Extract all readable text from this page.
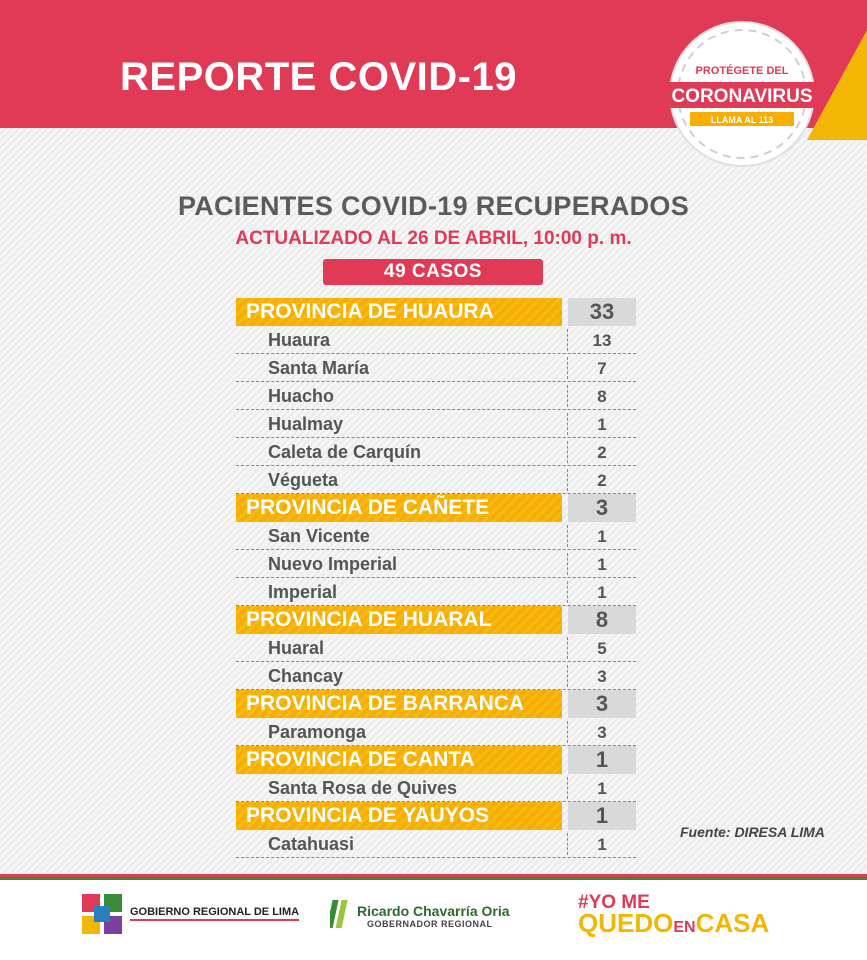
REPORTE COVID-19	PROTÉGETE DEL
CORONAVIRUS
LLAMA AL 113
PACIENTES COVID-19 RECUPERADOS
ACTUALIZADO AL 26 DE ABRIL, 10:00 p. m.
49 CASOS
PROVINCIA DE HUAURA	33
Huaura	13
Santa María	7
Huacho	8
Hualmay	1
Caleta de Carquín	2
Végueta	2
PROVINCIA DE CAÑETE	3
San Vicente	1
Nuevo Imperial	1
Imperial	1
PROVINCIA DE HUARAL	8
Huaral	5
Chancay	3
PROVINCIA DE BARRANCA	3
Paramonga	3
PROVINCIA DE CANTA	1
Santa Rosa de Quives	1
PROVINCIA DE YAUYOS	1
Catahuasi	1
Fuente: DIRESA LIMA
GOBIERNO REGIONAL DE LIMA	Ricardo Chavarría Oria
GOBERNADOR REGIONAL
#YO ME
QUEDOENCASA
